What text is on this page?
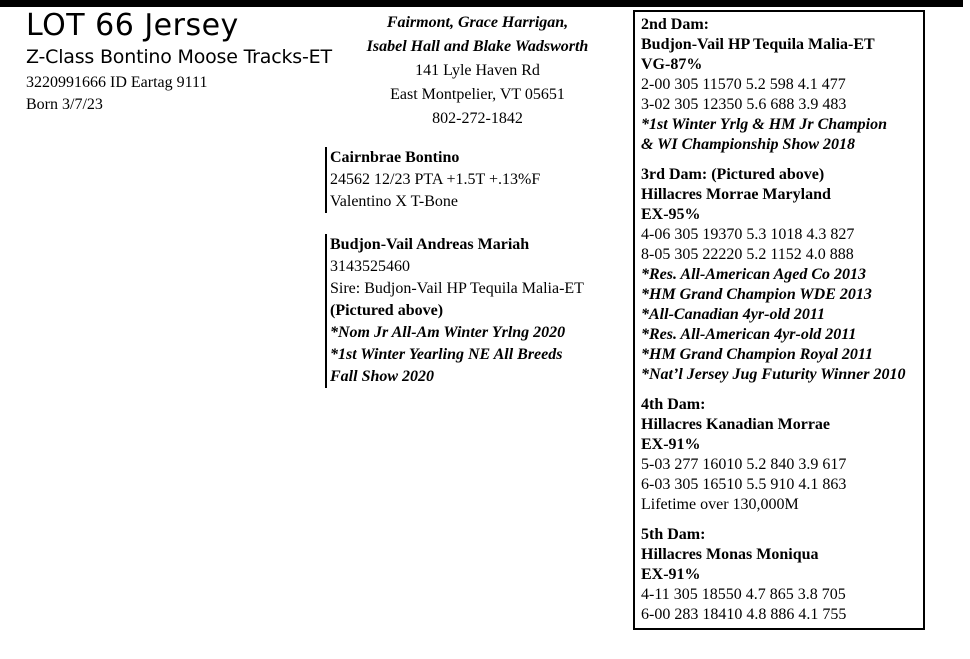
LOT 66 Jersey
Z-Class Bontino Moose Tracks-ET
3220991666 ID Eartag 9111
Born 3/7/23
Fairmont, Grace Harrigan,
Isabel Hall and Blake Wadsworth
141 Lyle Haven Rd
East Montpelier, VT 05651
802-272-1842
Cairnbrae Bontino
24562 12/23 PTA +1.5T +.13%F
Valentino X T-Bone
Budjon-Vail Andreas Mariah
3143525460
Sire: Budjon-Vail HP Tequila Malia-ET
(Pictured above)
*Nom Jr All-Am Winter Yrlng 2020
*1st Winter Yearling NE All Breeds
Fall Show 2020
2nd Dam:
Budjon-Vail HP Tequila Malia-ET
VG-87%
2-00 305 11570 5.2 598 4.1 477
3-02 305 12350 5.6 688 3.9 483
*1st Winter Yrlg & HM Jr Champion
& WI Championship Show 2018
3rd Dam: (Pictured above)
Hillacres Morrae Maryland
EX-95%
4-06 305 19370 5.3 1018 4.3 827
8-05 305 22220 5.2 1152 4.0 888
*Res. All-American Aged Co 2013
*HM Grand Champion WDE 2013
*All-Canadian 4yr-old 2011
*Res. All-American 4yr-old 2011
*HM Grand Champion Royal 2011
*Nat’l Jersey Jug Futurity Winner 2010
4th Dam:
Hillacres Kanadian Morrae
EX-91%
5-03 277 16010 5.2 840 3.9 617
6-03 305 16510 5.5 910 4.1 863
Lifetime over 130,000M
5th Dam:
Hillacres Monas Moniqua
EX-91%
4-11 305 18550 4.7 865 3.8 705
6-00 283 18410 4.8 886 4.1 755
